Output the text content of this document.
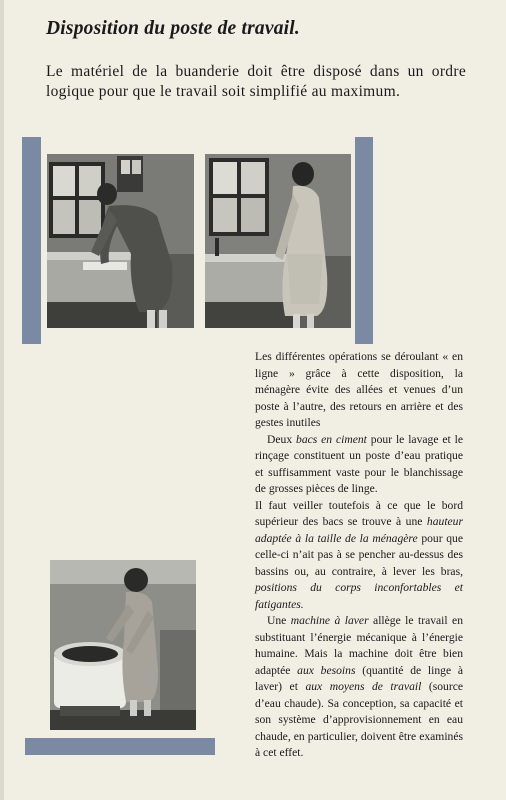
Disposition du poste de travail.

Le matériel de la buanderie doit être disposé dans un ordre logique pour que le travail soit simplifié au maximum.

Les différentes opérations se déroulant « en ligne » grâce à cette disposition, la ménagère évite des allées et venues d’un poste à l’autre, des retours en arrière et des gestes inutiles

Deux bacs en ciment pour le lavage et le rinçage constituent un poste d’eau pratique et suffisamment vaste pour le blanchissage de grosses pièces de linge.

Il faut veiller toutefois à ce que le bord supérieur des bacs se trouve à une hauteur adaptée à la taille de la ménagère pour que celle-ci n’ait pas à se pencher au-dessus des bassins ou, au contraire, à lever les bras, positions du corps inconfortables et fatigantes.

Une machine à laver allège le travail en substituant l’énergie mécanique à l’énergie humaine. Mais la machine doit être bien adaptée aux besoins (quantité de linge à laver) et aux moyens de travail (source d’eau chaude). Sa conception, sa capacité et son système d’approvisionnement en eau chaude, en particulier, doivent être examinés à cet effet.
